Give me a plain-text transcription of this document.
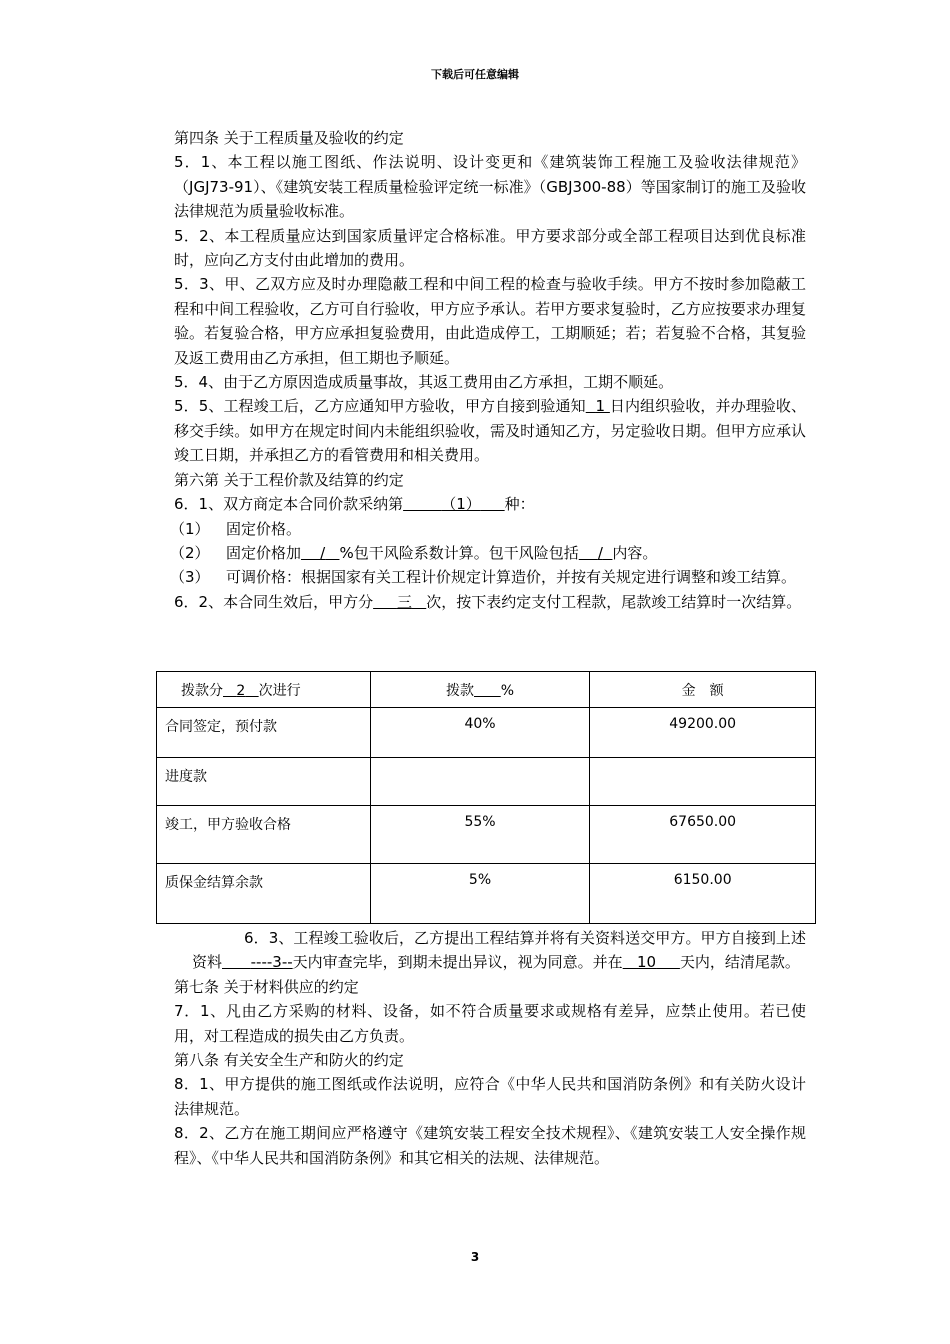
下载后可任意编辑

第四条 关于工程质量及验收的约定

5．1、本工程以施工图纸、作法说明、设计变更和《建筑装饰工程施工及验收法律规范》（JGJ73-91）、《建筑安装工程质量检验评定统一标准》（GBJ300-88）等国家制订的施工及验收法律规范为质量验收标准。

5．2、本工程质量应达到国家质量评定合格标准。甲方要求部分或全部工程项目达到优良标准时，应向乙方支付由此增加的费用。

5．3、甲、乙双方应及时办理隐蔽工程和中间工程的检查与验收手续。甲方不按时参加隐蔽工程和中间工程验收，乙方可自行验收，甲方应予承认。若甲方要求复验时，乙方应按要求办理复验。若复验合格，甲方应承担复验费用，由此造成停工，工期顺延；若；若复验不合格，其复验及返工费用由乙方承担，但工期也予顺延。

5．4、由于乙方原因造成质量事故，其返工费用由乙方承担，工期不顺延。

5．5、工程竣工后，乙方应通知甲方验收，甲方自接到验通知 1 日内组织验收，并办理验收、移交手续。如甲方在规定时间内未能组织验收，需及时通知乙方，另定验收日期。但甲方应承认竣工日期，并承担乙方的看管费用和相关费用。

第六第 关于工程价款及结算的约定

6．1、双方商定本合同价款采纳第	（1） 种：

（1）	固定价格。
（2）	固定价格加 / %包干风险系数计算。包干风险包括 / 内容。
（3）	可调价格：根据国家有关工程计价规定计算造价，并按有关规定进行调整和竣工结算。

6．2、本合同生效后，甲方分 三 次，按下表约定支付工程款，尾款竣工结算时一次结算。

拨款分 2 次进行	拨款 %	金　额
合同签定，预付款	40%	49200.00
进度款		
竣工，甲方验收合格	55%	67650.00
质保金结算余款	5%	6150.00

6．3、工程竣工验收后，乙方提出工程结算并将有关资料送交甲方。甲方自接到上述资料 ----3--天内审查完毕，到期未提出异议，视为同意。并在 10 天内，结清尾款。

第七条 关于材料供应的约定

7．1、凡由乙方采购的材料、设备，如不符合质量要求或规格有差异，应禁止使用。若已使用，对工程造成的损失由乙方负责。

第八条 有关安全生产和防火的约定

8．1、甲方提供的施工图纸或作法说明，应符合《中华人民共和国消防条例》和有关防火设计法律规范。

8．2、乙方在施工期间应严格遵守《建筑安装工程安全技术规程》、《建筑安装工人安全操作规程》、《中华人民共和国消防条例》和其它相关的法规、法律规范。

3
